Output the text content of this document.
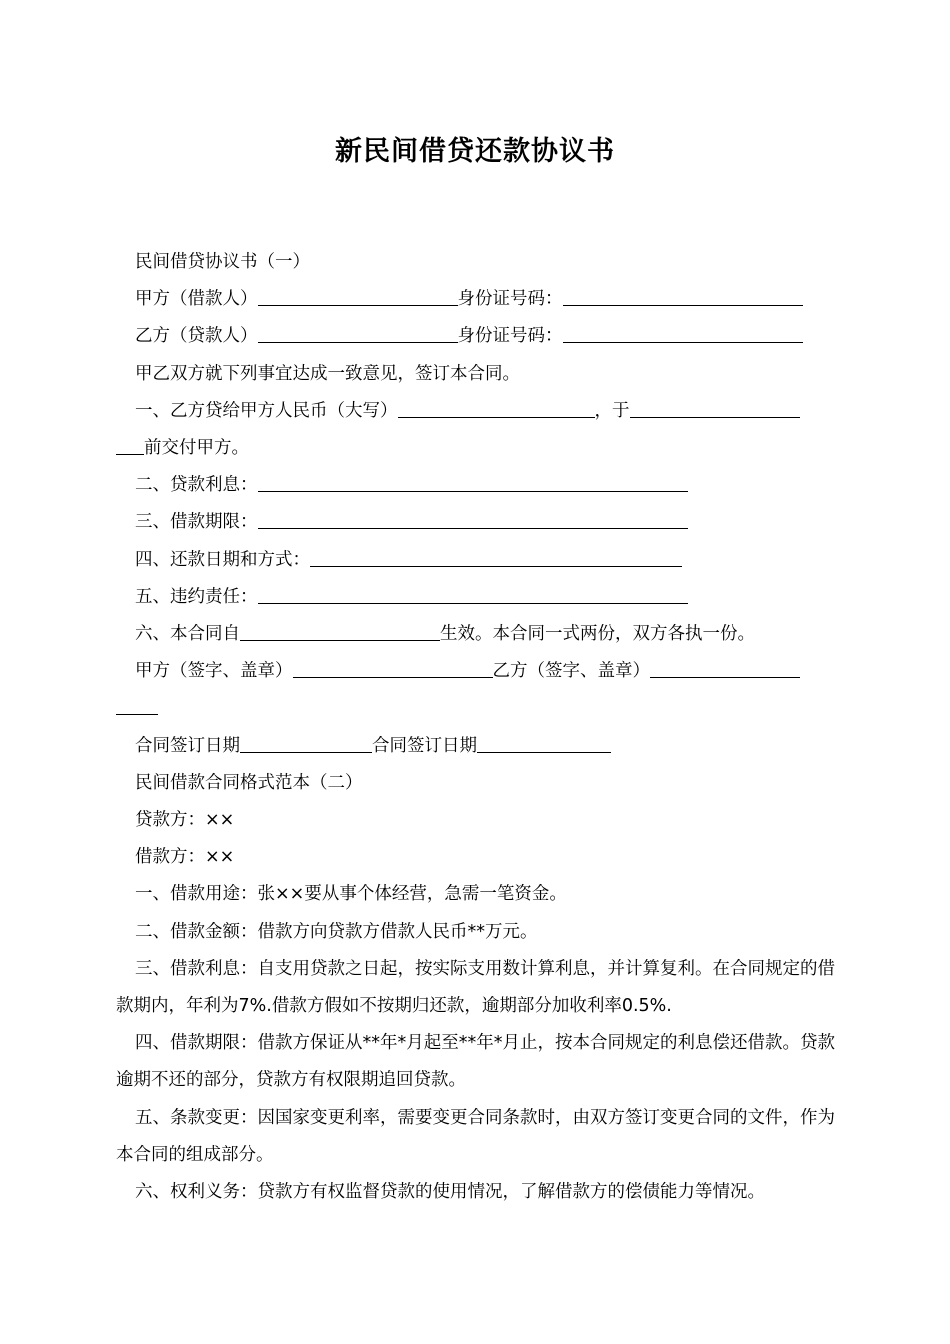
新民间借贷还款协议书

民间借贷协议书（一）

甲方（借款人）	身份证号码：

乙方（贷款人）	身份证号码：

甲乙双方就下列事宜达成一致意见，签订本合同。

一、乙方贷给甲方人民币（大写）	，于

前交付甲方。

二、贷款利息：

三、借款期限：

四、还款日期和方式：

五、违约责任：

六、本合同自	生效。本合同一式两份，双方各执一份。

甲方（签字、盖章）	乙方（签字、盖章）

合同签订日期	合同签订日期

民间借款合同格式范本（二）

贷款方：××

借款方：××

一、借款用途：张××要从事个体经营，急需一笔资金。

二、借款金额：借款方向贷款方借款人民币**万元。

三、借款利息：自支用贷款之日起，按实际支用数计算利息，并计算复利。在合同规定的借款期内，年利为7%.借款方假如不按期归还款，逾期部分加收利率0.5%.

四、借款期限：借款方保证从**年*月起至**年*月止，按本合同规定的利息偿还借款。贷款逾期不还的部分，贷款方有权限期追回贷款。

五、条款变更：因国家变更利率，需要变更合同条款时，由双方签订变更合同的文件，作为本合同的组成部分。

六、权利义务：贷款方有权监督贷款的使用情况，了解借款方的偿债能力等情况。
